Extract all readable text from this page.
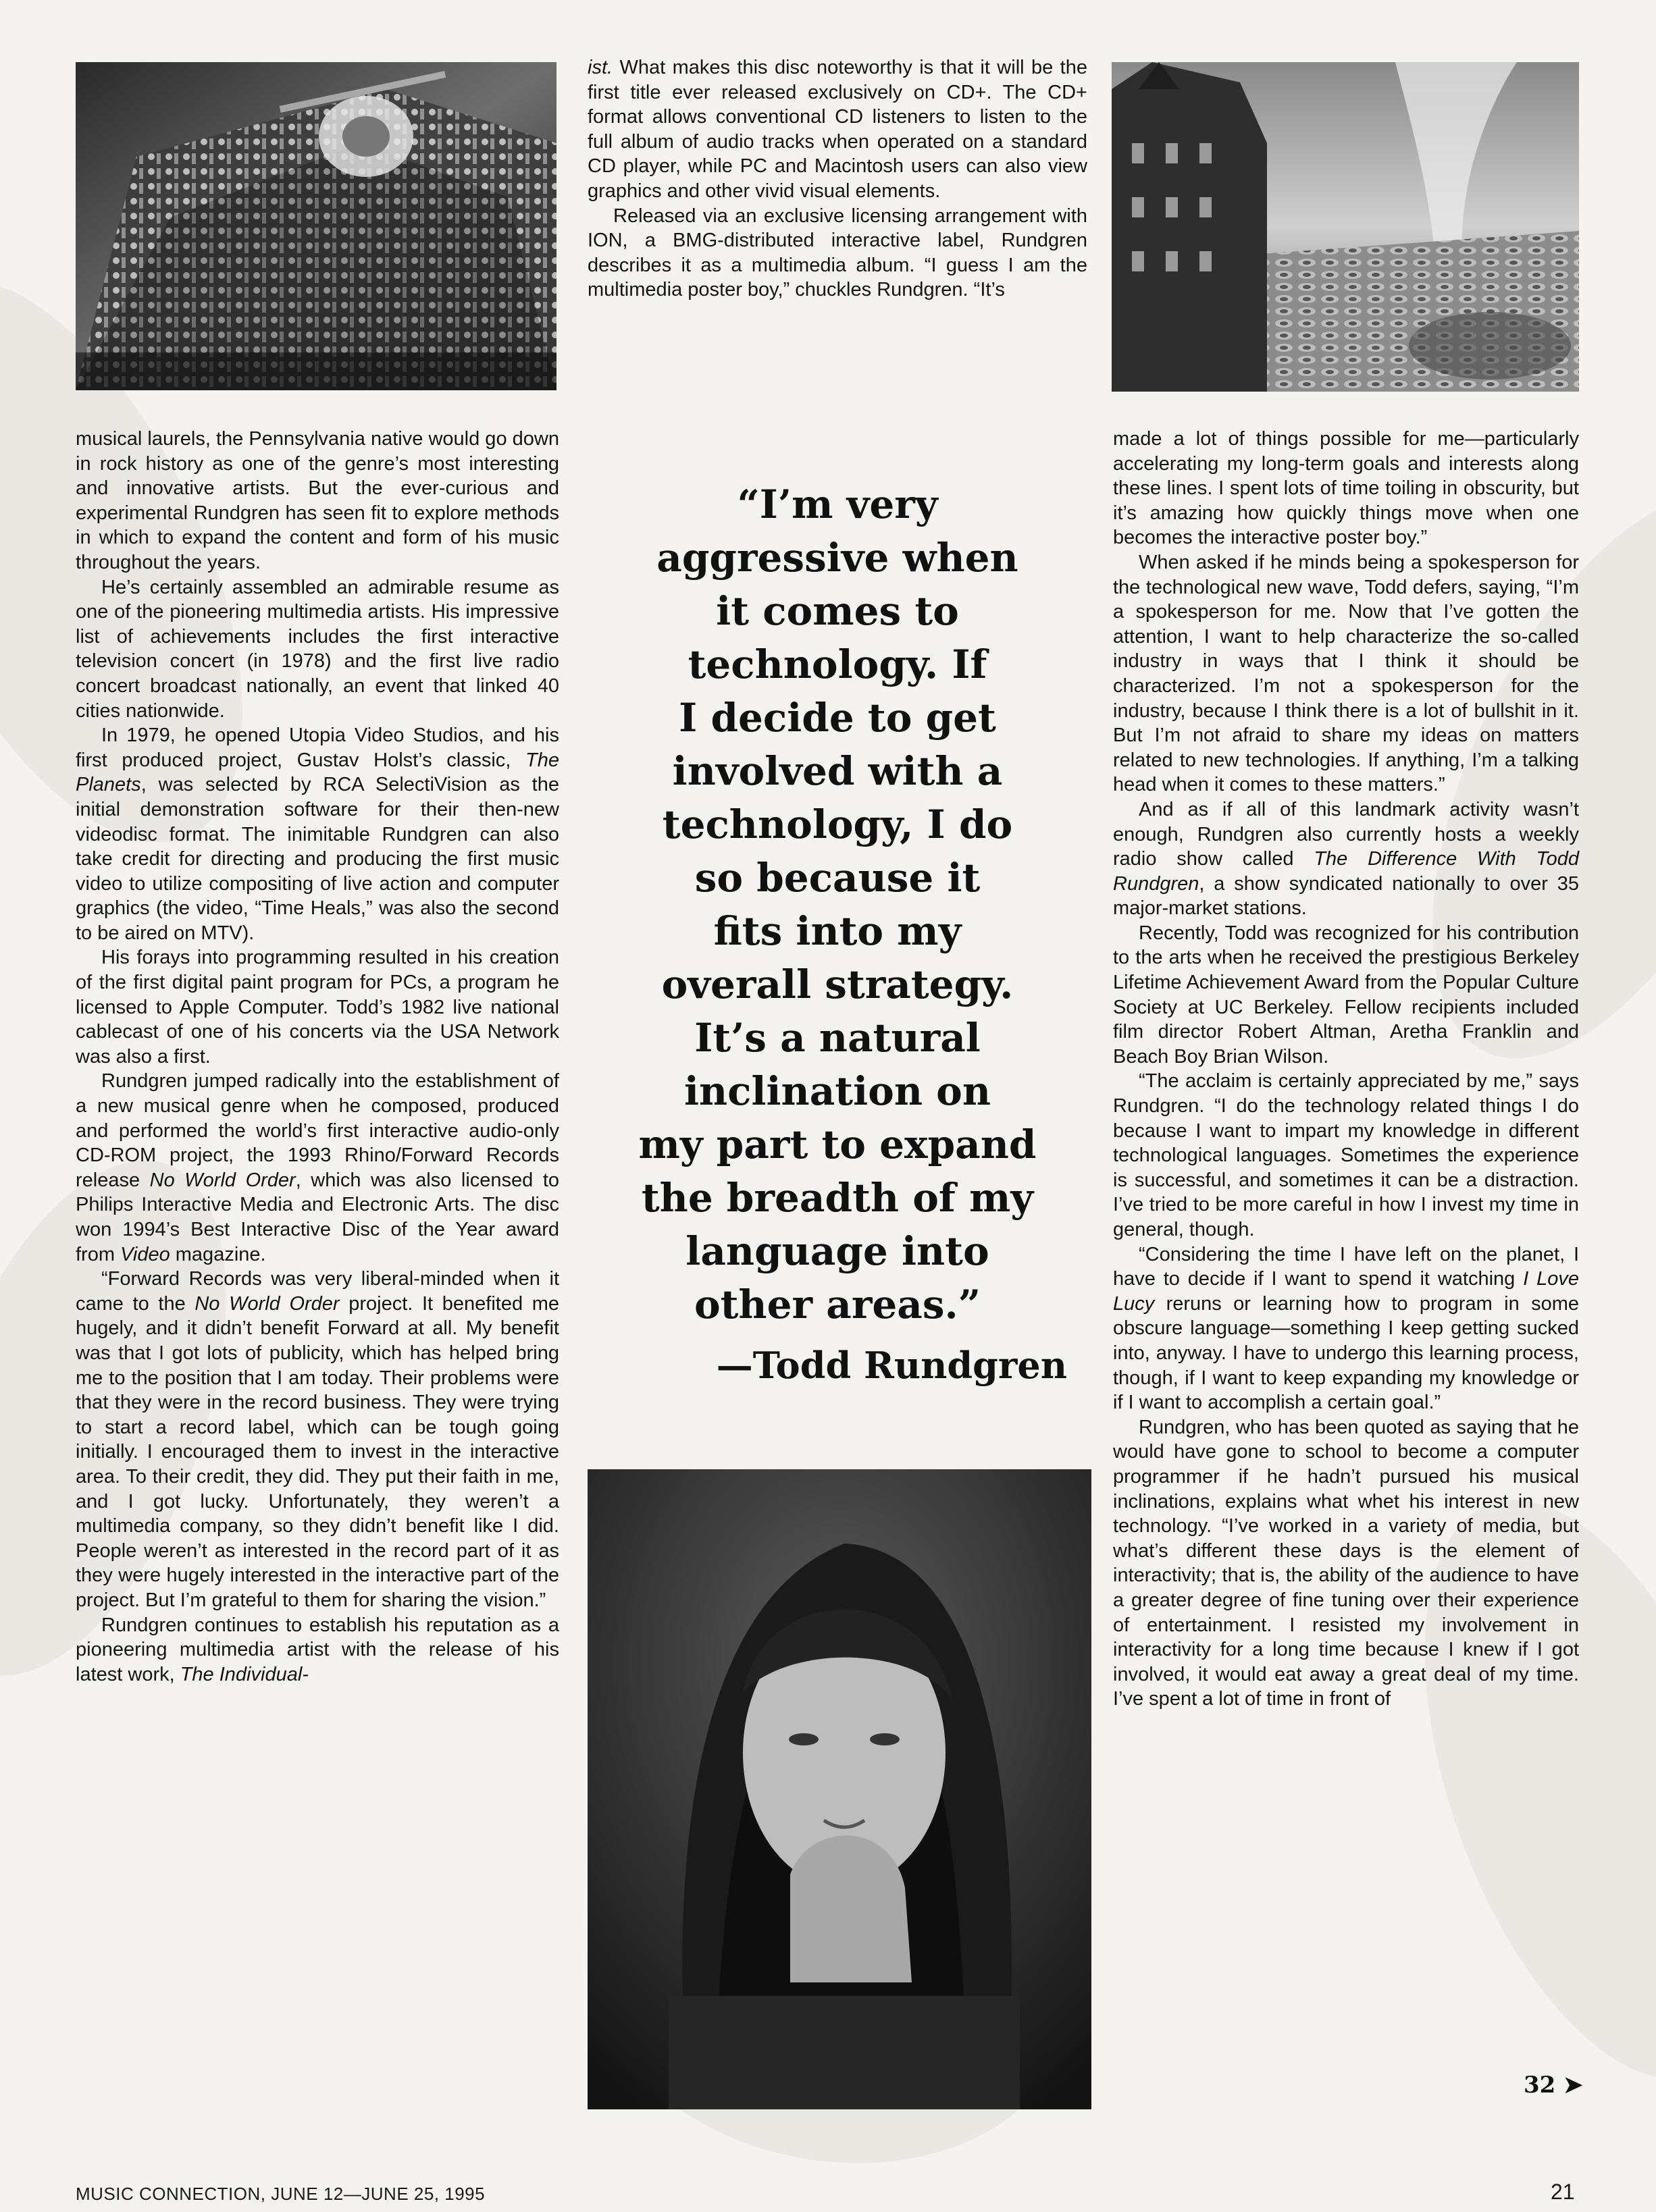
musical laurels, the Pennsylvania native would go down in rock history as one of the genre’s most interesting and innovative artists. But the ever-curious and experimental Rundgren has seen fit to explore methods in which to expand the content and form of his music throughout the years.

He’s certainly assembled an admirable resume as one of the pioneering multimedia artists. His impressive list of achievements includes the first interactive television concert (in 1978) and the first live radio concert broadcast nationally, an event that linked 40 cities nationwide.

In 1979, he opened Utopia Video Studios, and his first produced project, Gustav Holst’s classic, The Planets, was selected by RCA SelectiVision as the initial demonstration software for their then-new videodisc format. The inimitable Rundgren can also take credit for directing and producing the first music video to utilize compositing of live action and computer graphics (the video, “Time Heals,” was also the second to be aired on MTV).

His forays into programming resulted in his creation of the first digital paint program for PCs, a program he licensed to Apple Computer. Todd’s 1982 live national cablecast of one of his concerts via the USA Network was also a first.

Rundgren jumped radically into the establishment of a new musical genre when he composed, produced and performed the world’s first interactive audio-only CD-ROM project, the 1993 Rhino/Forward Records release No World Order, which was also licensed to Philips Interactive Media and Electronic Arts. The disc won 1994’s Best Interactive Disc of the Year award from Video magazine.

“Forward Records was very liberal-minded when it came to the No World Order project. It benefited me hugely, and it didn’t benefit Forward at all. My benefit was that I got lots of publicity, which has helped bring me to the position that I am today. Their problems were that they were in the record business. They were trying to start a record label, which can be tough going initially. I encouraged them to invest in the interactive area. To their credit, they did. They put their faith in me, and I got lucky. Unfortunately, they weren’t a multimedia company, so they didn’t benefit like I did. People weren’t as interested in the record part of it as they were hugely interested in the interactive part of the project. But I’m grateful to them for sharing the vision.”

Rundgren continues to establish his reputation as a pioneering multimedia artist with the release of his latest work, The Individual-

ist. What makes this disc noteworthy is that it will be the first title ever released exclusively on CD+. The CD+ format allows conventional CD listeners to listen to the full album of audio tracks when operated on a standard CD player, while PC and Macintosh users can also view graphics and other vivid visual elements.

Released via an exclusive licensing arrangement with ION, a BMG-distributed interactive label, Rundgren describes it as a multimedia album. “I guess I am the multimedia poster boy,” chuckles Rundgren. “It’s

made a lot of things possible for me—particularly accelerating my long-term goals and interests along these lines. I spent lots of time toiling in obscurity, but it’s amazing how quickly things move when one becomes the interactive poster boy.”

When asked if he minds being a spokesperson for the technological new wave, Todd defers, saying, “I’m a spokesperson for me. Now that I’ve gotten the attention, I want to help characterize the so-called industry in ways that I think it should be characterized. I’m not a spokesperson for the industry, because I think there is a lot of bullshit in it. But I’m not afraid to share my ideas on matters related to new technologies. If anything, I’m a talking head when it comes to these matters.”

And as if all of this landmark activity wasn’t enough, Rundgren also currently hosts a weekly radio show called The Difference With Todd Rundgren, a show syndicated nationally to over 35 major-market stations.

Recently, Todd was recognized for his contribution to the arts when he received the prestigious Berkeley Lifetime Achievement Award from the Popular Culture Society at UC Berkeley. Fellow recipients included film director Robert Altman, Aretha Franklin and Beach Boy Brian Wilson.

“The acclaim is certainly appreciated by me,” says Rundgren. “I do the technology related things I do because I want to impart my knowledge in different technological languages. Sometimes the experience is successful, and sometimes it can be a distraction. I’ve tried to be more careful in how I invest my time in general, though.

“Considering the time I have left on the planet, I have to decide if I want to spend it watching I Love Lucy reruns or learning how to program in some obscure language—something I keep getting sucked into, anyway. I have to undergo this learning process, though, if I want to keep expanding my knowledge or if I want to accomplish a certain goal.”

Rundgren, who has been quoted as saying that he would have gone to school to become a computer programmer if he hadn’t pursued his musical inclinations, explains what whet his interest in new technology. “I’ve worked in a variety of media, but what’s different these days is the element of interactivity; that is, the ability of the audience to have a greater degree of fine tuning over their experience of entertainment. I resisted my involvement in interactivity for a long time because I knew if I got involved, it would eat away a great deal of my time. I’ve spent a lot of time in front of

“I’m very
aggressive when
it comes to
technology. If
I decide to get
involved with a
technology, I do
so because it
fits into my
overall strategy.
It’s a natural
inclination on
my part to expand
the breadth of my
language into
other areas.”
—Todd Rundgren
32 ➤
MUSIC CONNECTION, JUNE 12—JUNE 25, 1995	21
